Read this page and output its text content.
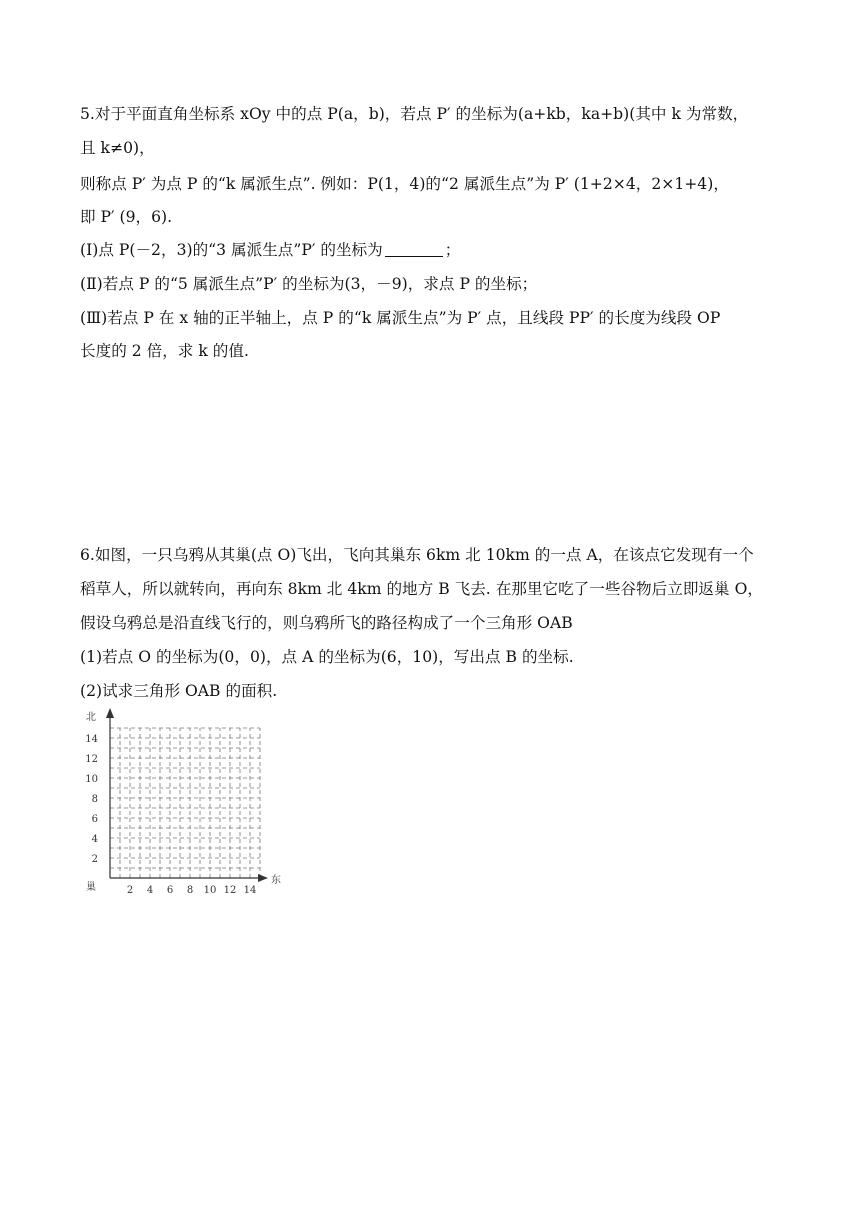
5.对于平面直角坐标系 xOy 中的点 P(a，b)，若点 P′ 的坐标为(a+kb，ka+b)(其中 k 为常数，
且 k≠0)，
则称点 P′ 为点 P 的“k 属派生点”. 例如：P(1，4)的“2 属派生点”为 P′ (1+2×4，2×1+4)，
即 P′ (9，6).
(Ⅰ)点 P(－2，3)的“3 属派生点”P′ 的坐标为	；
(Ⅱ)若点 P 的“5 属派生点”P′ 的坐标为(3，－9)，求点 P 的坐标；
(Ⅲ)若点 P 在 x 轴的正半轴上，点 P 的“k 属派生点”为 P′ 点，且线段 PP′ 的长度为线段 OP
长度的 2 倍，求 k 的值.
6.如图，一只乌鸦从其巢(点 O)飞出，飞向其巢东 6km 北 10km 的一点 A，在该点它发现有一个
稻草人，所以就转向，再向东 8km 北 4km 的地方 B 飞去. 在那里它吃了一些谷物后立即返巢 O，
假设乌鸦总是沿直线飞行的，则乌鸦所飞的路径构成了一个三角形 OAB
(1)若点 O 的坐标为(0，0)，点 A 的坐标为(6，10)，写出点 B 的坐标.
(2)试求三角形 OAB 的面积.
北
东
巢	2 4 6 8 10 12 14
2
4
6
8
10
12
14
